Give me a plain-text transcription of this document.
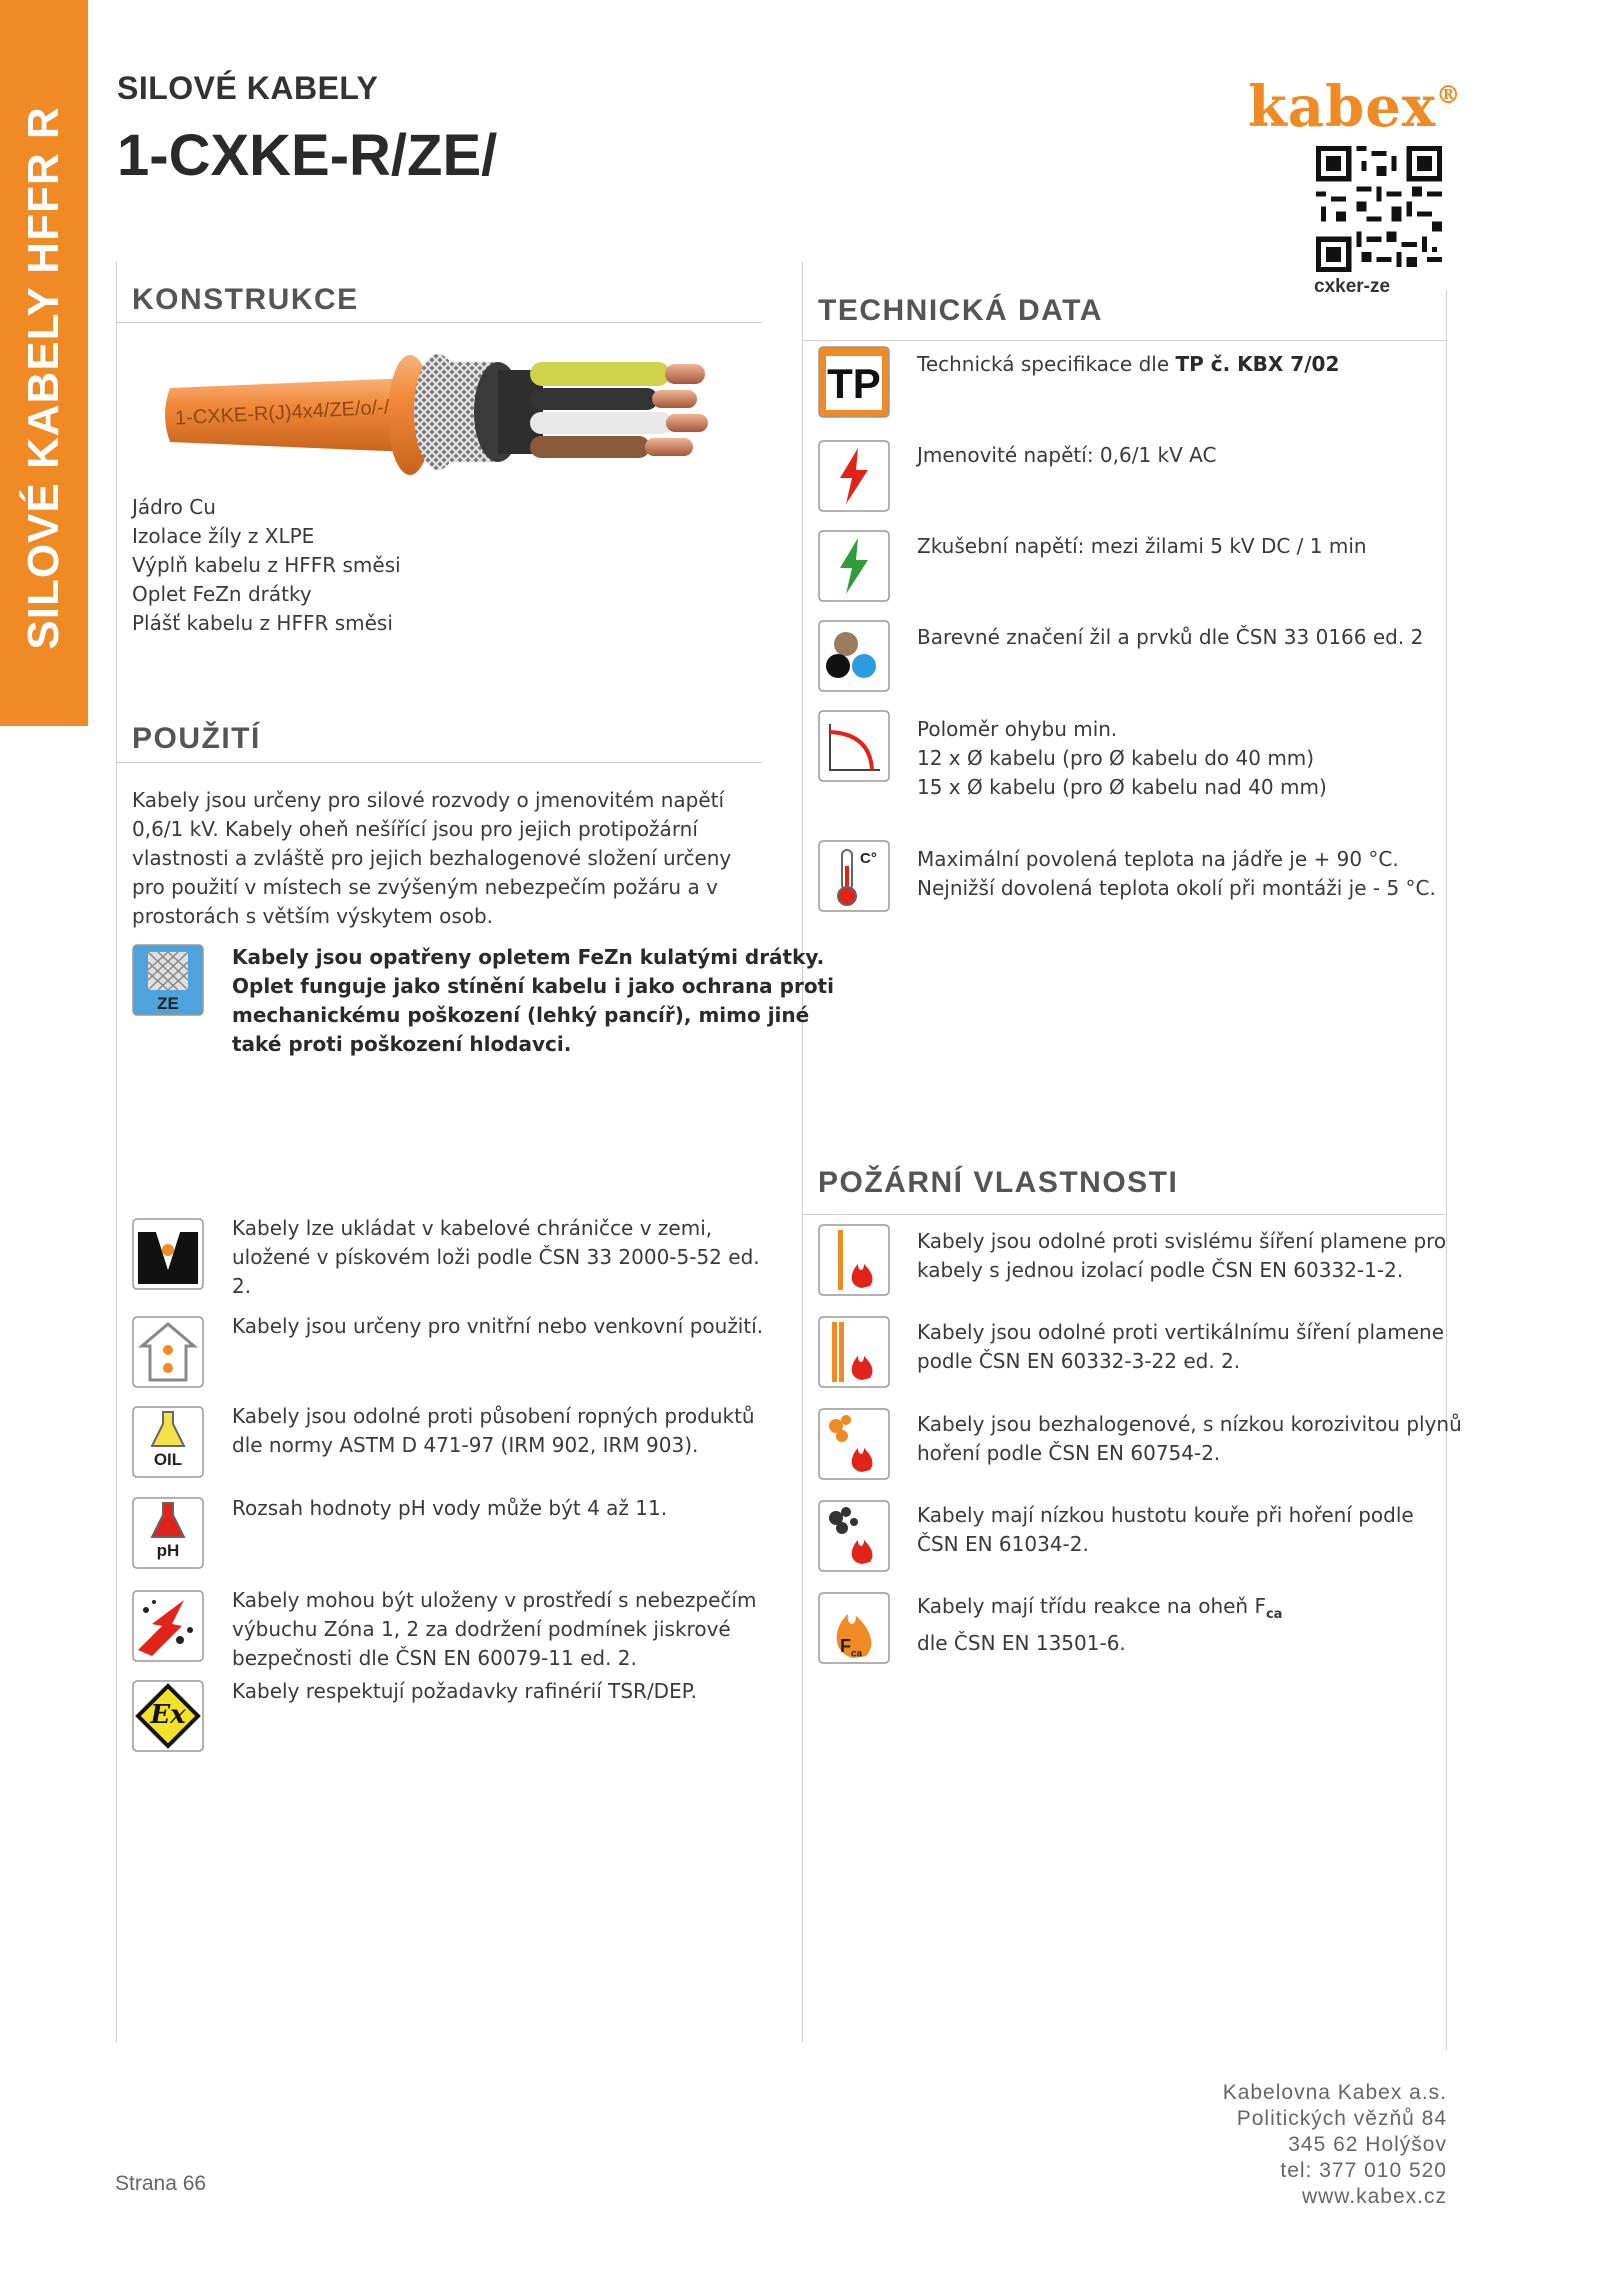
SILOVÉ KABELY HFFR R
SILOVÉ KABELY
1-CXKE-R/ZE/
kabex®
cxker-ze
KONSTRUKCE
1-CXKE-R(J)4x4/ZE/o/-/
Jádro Cu
Izolace žíly z XLPE
Výplň kabelu z HFFR směsi
Oplet FeZn drátky
Plášť kabelu z HFFR směsi
POUŽITÍ
Kabely jsou určeny pro silové rozvody o jmenovitém napětí
0,6/1 kV. Kabely oheň nešířící jsou pro jejich protipožární
vlastnosti a zvláště pro jejich bezhalogenové složení určeny
pro použití v místech se zvýšeným nebezpečím požáru a v
prostorách s větším výskytem osob.
ZE
Kabely jsou opatřeny opletem FeZn kulatými drátky.
Oplet funguje jako stínění kabelu i jako ochrana proti
mechanickému poškození (lehký pancíř), mimo jiné
také proti poškození hlodavci.
Kabely lze ukládat v kabelové chráničce v zemi,
uložené v pískovém loži podle ČSN 33 2000-5-52 ed.
2.
Kabely jsou určeny pro vnitřní nebo venkovní použití.
OIL
Kabely jsou odolné proti působení ropných produktů
dle normy ASTM D 471-97 (IRM 902, IRM 903).
pH
Rozsah hodnoty pH vody může být 4 až 11.
Kabely mohou být uloženy v prostředí s nebezpečím
výbuchu Zóna 1, 2 za dodržení podmínek jiskrové
bezpečnosti dle ČSN EN 60079-11 ed. 2.
Ex
Kabely respektují požadavky rafinérií TSR/DEP.
TECHNICKÁ DATA
TP	Technická specifikace dle TP č. KBX 7/02
Jmenovité napětí: 0,6/1 kV AC
Zkušební napětí: mezi žilami 5 kV DC / 1 min
Barevné značení žil a prvků dle ČSN 33 0166 ed. 2
Poloměr ohybu min.
12 x Ø kabelu (pro Ø kabelu do 40 mm)
15 x Ø kabelu (pro Ø kabelu nad 40 mm)
C° Maximální povolená teplota na jádře je + 90 °C.
Nejnižší dovolená teplota okolí při montáži je - 5 °C.
POŽÁRNÍ VLASTNOSTI
Kabely jsou odolné proti svislému šíření plamene pro
kabely s jednou izolací podle ČSN EN 60332-1-2.
Kabely jsou odolné proti vertikálnímu šíření plamene
podle ČSN EN 60332-3-22 ed. 2.
Kabely jsou bezhalogenové, s nízkou korozivitou plynů
hoření podle ČSN EN 60754-2.
Kabely mají nízkou hustotu kouře při hoření podle
ČSN EN 61034-2.
$F_{ca}$
Kabely mají třídu reakce na oheň $F_{ca}$
dle ČSN EN 13501-6.
Strana 66
Kabelovna Kabex a.s.
Politických vězňů 84
345 62 Holýšov
tel: 377 010 520
www.kabex.cz
